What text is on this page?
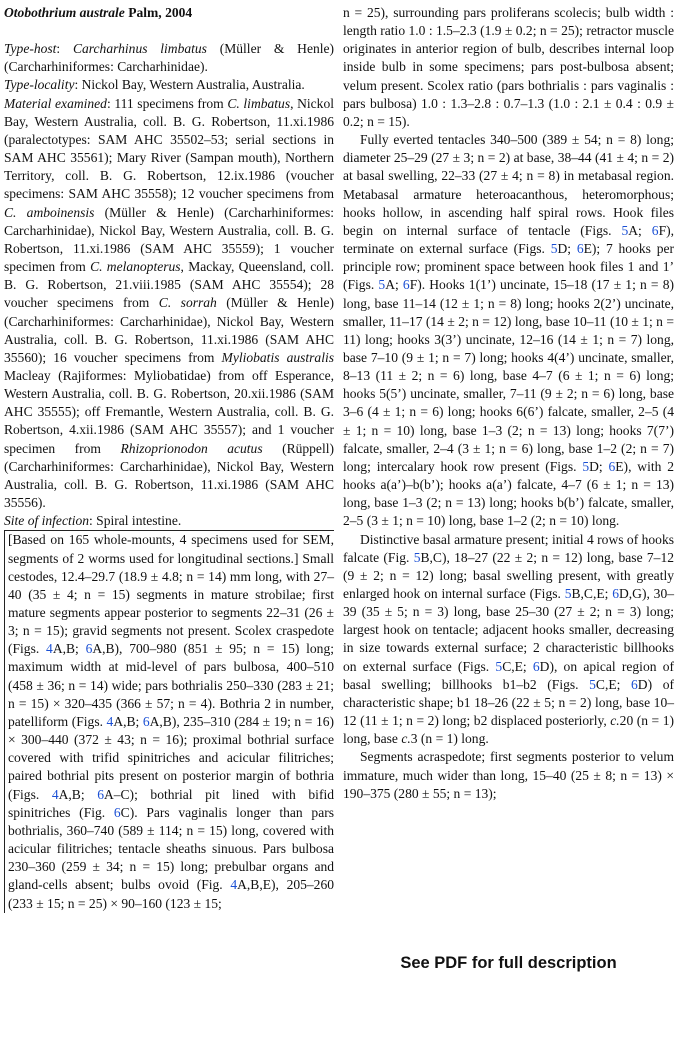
Otobothrium australe Palm, 2004

Type-host: Carcharhinus limbatus (Müller & Henle) (Carcharhiniformes: Carcharhinidae).

Type-locality: Nickol Bay, Western Australia, Australia.

Material examined: 111 specimens from C. limbatus, Nickol Bay, Western Australia, coll. B. G. Robertson, 11.xi.1986 (paralectotypes: SAM AHC 35502–53; serial sections in SAM AHC 35561); Mary River (Sampan mouth), Northern Territory, coll. B. G. Robertson, 12.ix.1986 (voucher specimens: SAM AHC 35558); 12 voucher specimens from C. amboinensis (Müller & Henle) (Carcharhiniformes: Carcharhinidae), Nickol Bay, Western Australia, coll. B. G. Robertson, 11.xi.1986 (SAM AHC 35559); 1 voucher specimen from C. melanopterus, Mackay, Queensland, coll. B. G. Robertson, 21.viii.1985 (SAM AHC 35554); 28 voucher specimens from C. sorrah (Müller & Henle) (Carcharhiniformes: Carcharhinidae), Nickol Bay, Western Australia, coll. B. G. Robertson, 11.xi.1986 (SAM AHC 35560); 16 voucher specimens from Myliobatis australis Macleay (Rajiformes: Myliobatidae) from off Esperance, Western Australia, coll. B. G. Robertson, 20.xii.1986 (SAM AHC 35555); off Fremantle, Western Australia, coll. B. G. Robertson, 4.xii.1986 (SAM AHC 35557); and 1 voucher specimen from Rhizoprionodon acutus (Rüppell) (Carcharhiniformes: Carcharhinidae), Nickol Bay, Western Australia, coll. B. G. Robertson, 11.xi.1986 (SAM AHC 35556).

Site of infection: Spiral intestine.

[Based on 165 whole-mounts, 4 specimens used for SEM, segments of 2 worms used for longitudinal sections.] Small cestodes, 12.4–29.7 (18.9 ± 4.8; n = 14) mm long, with 27–40 (35 ± 4; n = 15) segments in mature strobilae; first mature segments appear posterior to segments 22–31 (26 ± 3; n = 15); gravid segments not present. Scolex craspedote (Figs. 4A,B; 6A,B), 700–980 (851 ± 95; n = 15) long; maximum width at mid-level of pars bulbosa, 400–510 (458 ± 36; n = 14) wide; pars bothrialis 250–330 (283 ± 21; n = 15) × 320–435 (366 ± 57; n = 4). Bothria 2 in number, patelliform (Figs. 4A,B; 6A,B), 235–310 (284 ± 19; n = 16) × 300–440 (372 ± 43; n = 16); proximal bothrial surface covered with trifid spinitriches and acicular filitriches; paired bothrial pits present on posterior margin of bothria (Figs. 4A,B; 6A–C); bothrial pit lined with bifid spinitriches (Fig. 6C). Pars vaginalis longer than pars bothrialis, 360–740 (589 ± 114; n = 15) long, covered with acicular filitriches; tentacle sheaths sinuous. Pars bulbosa 230–360 (259 ± 34; n = 15) long; prebulbar organs and gland-cells absent; bulbs ovoid (Fig. 4A,B,E), 205–260 (233 ± 15; n = 25) × 90–160 (123 ± 15;

n = 25), surrounding pars proliferans scolecis; bulb width : length ratio 1.0 : 1.5–2.3 (1.9 ± 0.2; n = 25); retractor muscle originates in anterior region of bulb, describes internal loop inside bulb in some specimens; pars post-bulbosa absent; velum present. Scolex ratio (pars bothrialis : pars vaginalis : pars bulbosa) 1.0 : 1.3–2.8 : 0.7–1.3 (1.0 : 2.1 ± 0.4 : 0.9 ± 0.2; n = 15).

Fully everted tentacles 340–500 (389 ± 54; n = 8) long; diameter 25–29 (27 ± 3; n = 2) at base, 38–44 (41 ± 4; n = 2) at basal swelling, 22–33 (27 ± 4; n = 8) in metabasal region. Metabasal armature heteroacanthous, heteromorphous; hooks hollow, in ascending half spiral rows. Hook files begin on internal surface of tentacle (Figs. 5A; 6F), terminate on external surface (Figs. 5D; 6E); 7 hooks per principle row; prominent space between hook files 1 and 1’ (Figs. 5A; 6F). Hooks 1(1’) uncinate, 15–18 (17 ± 1; n = 8) long, base 11–14 (12 ± 1; n = 8) long; hooks 2(2’) uncinate, smaller, 11–17 (14 ± 2; n = 12) long, base 10–11 (10 ± 1; n = 11) long; hooks 3(3’) uncinate, 12–16 (14 ± 1; n = 7) long, base 7–10 (9 ± 1; n = 7) long; hooks 4(4’) uncinate, smaller, 8–13 (11 ± 2; n = 6) long, base 4–7 (6 ± 1; n = 6) long; hooks 5(5’) uncinate, smaller, 7–11 (9 ± 2; n = 6) long, base 3–6 (4 ± 1; n = 6) long; hooks 6(6’) falcate, smaller, 2–5 (4 ± 1; n = 10) long, base 1–3 (2; n = 13) long; hooks 7(7’) falcate, smaller, 2–4 (3 ± 1; n = 6) long, base 1–2 (2; n = 7) long; intercalary hook row present (Figs. 5D; 6E), with 2 hooks a(a’)–b(b’); hooks a(a’) falcate, 4–7 (6 ± 1; n = 13) long, base 1–3 (2; n = 13) long; hooks b(b’) falcate, smaller, 2–5 (3 ± 1; n = 10) long, base 1–2 (2; n = 10) long.

Distinctive basal armature present; initial 4 rows of hooks falcate (Fig. 5B,C), 18–27 (22 ± 2; n = 12) long, base 7–12 (9 ± 2; n = 12) long; basal swelling present, with greatly enlarged hook on internal surface (Figs. 5B,C,E; 6D,G), 30–39 (35 ± 5; n = 3) long, base 25–30 (27 ± 2; n = 3) long; largest hook on tentacle; adjacent hooks smaller, decreasing in size towards external surface; 2 characteristic billhooks on external surface (Figs. 5C,E; 6D), on apical region of basal swelling; billhooks b1–b2 (Figs. 5C,E; 6D) of characteristic shape; b1 18–26 (22 ± 5; n = 2) long, base 10–12 (11 ± 1; n = 2) long; b2 displaced posteriorly, c.20 (n = 1) long, base c.3 (n = 1) long.

Segments acraspedote; first segments posterior to velum immature, much wider than long, 15–40 (25 ± 8; n = 13) × 190–375 (280 ± 55; n = 13);

See PDF for full description
